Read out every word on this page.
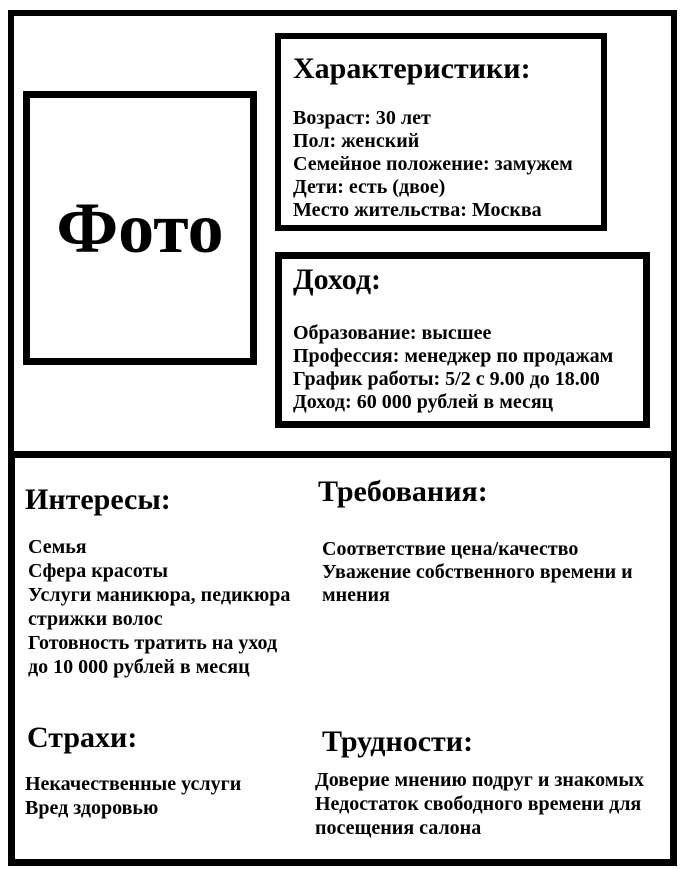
Фото
Характеристики:
Возраст: 30 лет
Пол: женский
Семейное положение: замужем
Дети: есть (двое)
Место жительства: Москва
Доход:
Образование: высшее
Профессия: менеджер по продажам
График работы: 5/2 с 9.00 до 18.00
Доход: 60 000 рублей в месяц
Интересы:
Семья
Сфера красоты
Услуги маникюра, педикюра
стрижки волос
Готовность тратить на уход
до 10 000 рублей в месяц
Требования:
Соответствие цена/качество
Уважение собственного времени и
мнения
Страхи:
Некачественные услуги
Вред здоровью
Трудности:
Доверие мнению подруг и знакомых
Недостаток свободного времени для
посещения салона
